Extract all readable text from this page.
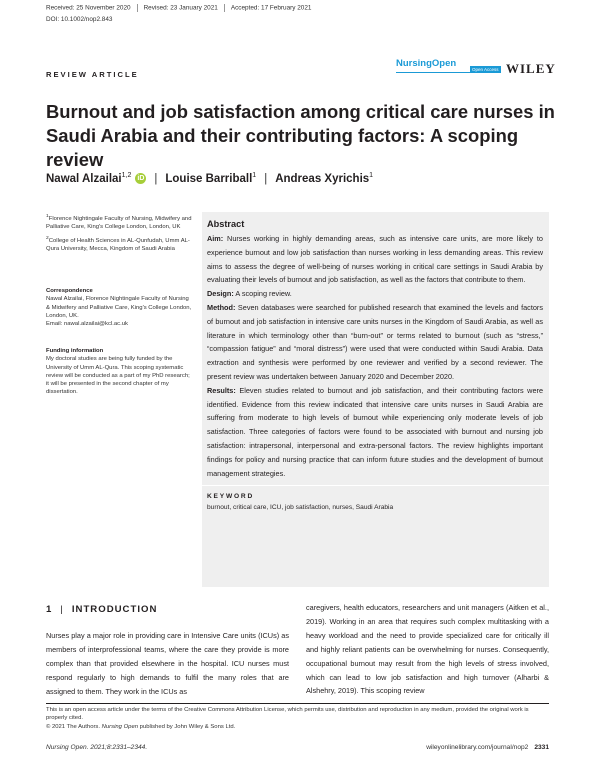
Received: 25 November 2020 Revised: 23 January 2021 Accepted: 17 February 2021
DOI: 10.1002/nop2.843
REVIEW ARTICLE
NursingOpen
Open Access WILEY
Burnout and job satisfaction among critical care nurses in Saudi Arabia and their contributing factors: A scoping review
Nawal Alzailai$^{1,2}$ iD | Louise Barriball$^1$ | Andreas Xyrichis$^1$
$^1$Florence Nightingale Faculty of Nursing, Midwifery and Palliative Care, King's College London, London, UK
$^2$College of Health Sciences in AL-Qunfudah, Umm AL-Qura University, Mecca, Kingdom of Saudi Arabia
Correspondence
Nawal Alzailai, Florence Nightingale Faculty of Nursing & Midwifery and Palliative Care, King's College London, London, UK.
Email: nawal.alzailai@kcl.ac.uk
Funding information
My doctoral studies are being fully funded by the University of Umm AL-Qura. This scoping systematic review will be conducted as a part of my PhD research; it will be presented in the second chapter of my dissertation.
Abstract

Aim: Nurses working in highly demanding areas, such as intensive care units, are more likely to experience burnout and low job satisfaction than nurses working in less demanding areas. This review aims to assess the degree of well-being of nurses working in critical care settings in Saudi Arabia by evaluating their levels of burnout and job satisfaction, as well as the factors that contribute to them.

Design: A scoping review.

Method: Seven databases were searched for published research that examined the levels and factors of burnout and job satisfaction in intensive care units nurses in the Kingdom of Saudi Arabia, as well as literature in which terminology other than “burn-out” or terms related to burnout (such as “stress,” “compassion fatigue” and “moral distress”) were used that were conducted within Saudi Arabia. Data extraction and synthesis were performed by one reviewer and verified by a second reviewer. The present review was undertaken between January 2020 and December 2020.

Results: Eleven studies related to burnout and job satisfaction, and their contributing factors were identified. Evidence from this review indicated that intensive care units nurses in Saudi Arabia are suffering from moderate to high levels of burnout while experiencing only moderate levels of job satisfaction. Three categories of factors were found to be associated with burnout and nursing job satisfaction: intrapersonal, interpersonal and extra-personal factors. The review highlights important findings for policy and nursing practice that can inform future studies and the development of burnout management strategies.

KEYWORD
burnout, critical care, ICU, job satisfaction, nurses, Saudi Arabia
1 | INTRODUCTION
Nurses play a major role in providing care in Intensive Care units (ICUs) as members of interprofessional teams, where the care they provide is more complex than that provided elsewhere in the hospital. ICU nurses must respond regularly to high demands to fulfil the many roles that are assigned to them. They work in the ICUs as
caregivers, health educators, researchers and unit managers (Aitken et al., 2019). Working in an area that requires such complex multitasking with a heavy workload and the need to provide specialized care for critically ill and highly reliant patients can be overwhelming for nurses. Consequently, occupational burnout may result from the high levels of stress involved, which can lead to low job satisfaction and high turnover (Alharbi & Alshehry, 2019). This scoping review
This is an open access article under the terms of the Creative Commons Attribution License, which permits use, distribution and reproduction in any medium, provided the original work is properly cited.
© 2021 The Authors. Nursing Open published by John Wiley & Sons Ltd.
Nursing Open. 2021;8:2331–2344.	wileyonlinelibrary.com/journal/nop2 2331
